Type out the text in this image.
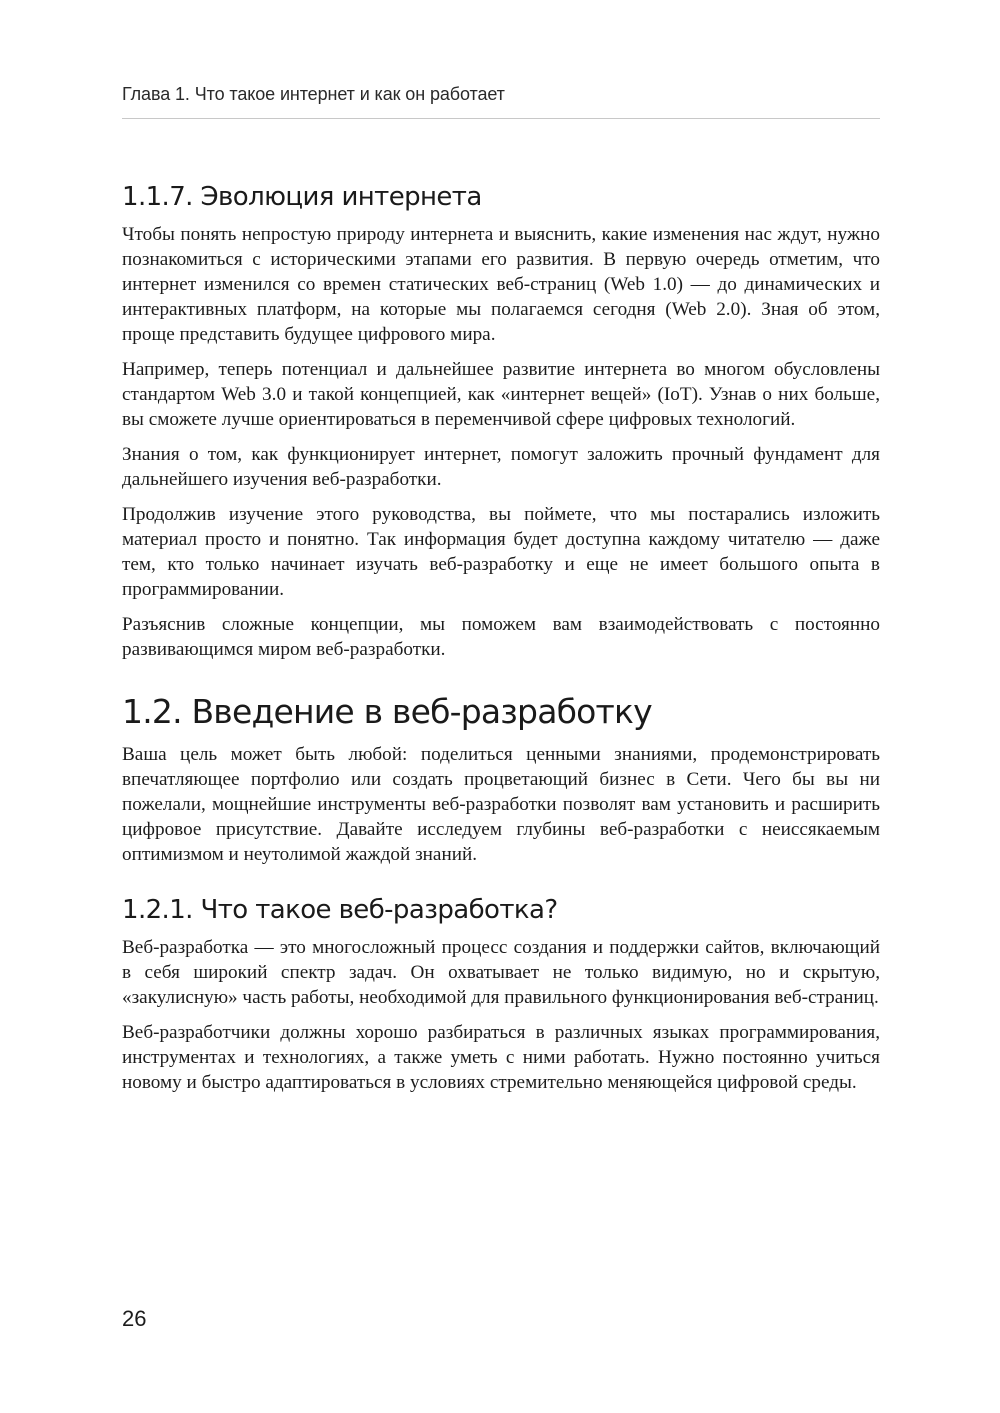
Глава 1. Что такое интернет и как он работает
1.1.7. Эволюция интернета

Чтобы понять непростую природу интернета и выяснить, какие изменения нас ждут, нужно познакомиться с историческими этапами его развития. В первую очередь отметим, что интернет изменился со времен статических веб-страниц (Web 1.0) — до динамических и интерактивных платформ, на которые мы полагаемся сегодня (Web 2.0). Зная об этом, проще представить будущее цифрового мира.

Например, теперь потенциал и дальнейшее развитие интернета во многом обусловлены стандартом Web 3.0 и такой концепцией, как «интернет вещей» (IoT). Узнав о них больше, вы сможете лучше ориентироваться в переменчивой сфере цифровых технологий.

Знания о том, как функционирует интернет, помогут заложить прочный фундамент для дальнейшего изучения веб-разработки.

Продолжив изучение этого руководства, вы поймете, что мы постарались изложить материал просто и понятно. Так информация будет доступна каждому читателю — даже тем, кто только начинает изучать веб-разработку и еще не имеет большого опыта в программировании.

Разъяснив сложные концепции, мы поможем вам взаимодействовать с постоянно развивающимся миром веб-разработки.

1.2. Введение в веб-разработку

Ваша цель может быть любой: поделиться ценными знаниями, продемонстрировать впечатляющее портфолио или создать процветающий бизнес в Сети. Чего бы вы ни пожелали, мощнейшие инструменты веб-разработки позволят вам установить и расширить цифровое присутствие. Давайте исследуем глубины веб-разработки с неиссякаемым оптимизмом и неутолимой жаждой знаний.

1.2.1. Что такое веб-разработка?

Веб-разработка — это многосложный процесс создания и поддержки сайтов, включающий в себя широкий спектр задач. Он охватывает не только видимую, но и скрытую, «закулисную» часть работы, необходимой для правильного функционирования веб-страниц.

Веб-разработчики должны хорошо разбираться в различных языках программирования, инструментах и технологиях, а также уметь с ними работать. Нужно постоянно учиться новому и быстро адаптироваться в условиях стремительно меняющейся цифровой среды.

26
